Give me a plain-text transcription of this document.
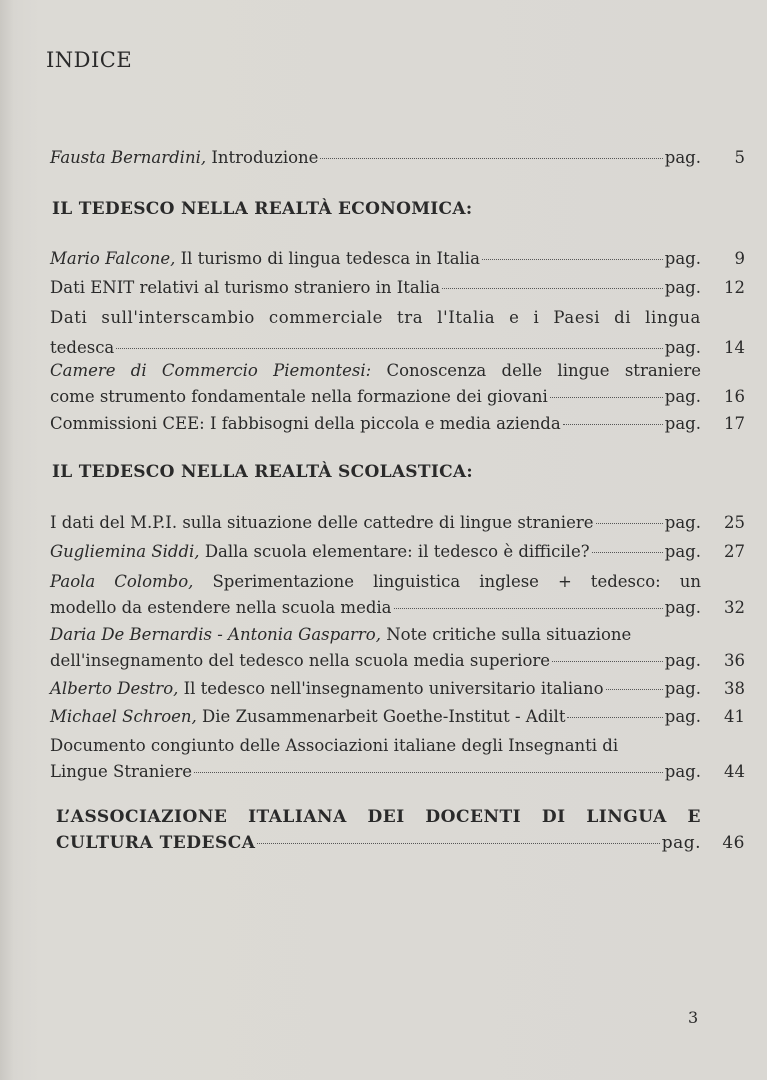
INDICE
Fausta Bernardini, Introduzione	pag.	5
IL TEDESCO NELLA REALTÀ ECONOMICA:
Mario Falcone, Il turismo di lingua tedesca in Italia	pag.	9
Dati ENIT relativi al turismo straniero in Italia	pag.	12
Dati sull'interscambio commerciale tra l'Italia e i Paesi di lingua
tedesca	pag.	14
Camere di Commercio Piemontesi: Conoscenza delle lingue straniere
come strumento fondamentale nella formazione dei giovani	pag.	16
Commissioni CEE: I fabbisogni della piccola e media azienda	pag.	17
IL TEDESCO NELLA REALTÀ SCOLASTICA:
I dati del M.P.I. sulla situazione delle cattedre di lingue straniere	pag.	25
Gugliemina Siddi, Dalla scuola elementare: il tedesco è difficile?	pag.	27
Paola Colombo, Sperimentazione linguistica inglese + tedesco: un
modello da estendere nella scuola media	pag.	32
Daria De Bernardis - Antonia Gasparro, Note critiche sulla situazione
dell'insegnamento del tedesco nella scuola media superiore	pag.	36
Alberto Destro, Il tedesco nell'insegnamento universitario italiano	pag.	38
Michael Schroen, Die Zusammenarbeit Goethe-Institut - Adilt	pag.	41
Documento congiunto delle Associazioni italiane degli Insegnanti di
Lingue Straniere	pag.	44
L’ASSOCIAZIONE ITALIANA DEI DOCENTI DI LINGUA E
CULTURA TEDESCA	pag.	46
3
